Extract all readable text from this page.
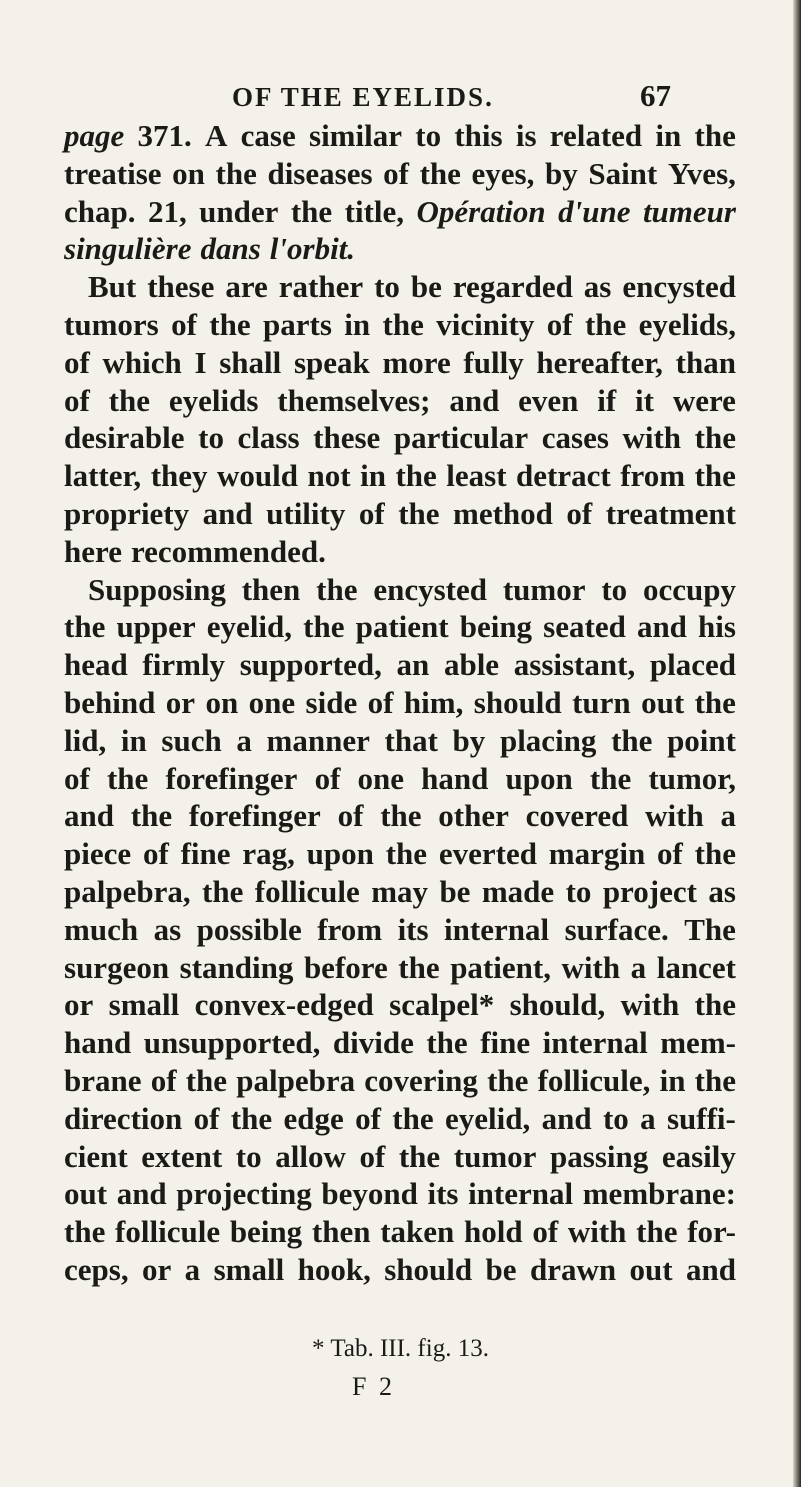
OF THE EYELIDS.	67
page 371. A case similar to this is related in the
treatise on the diseases of the eyes, by Saint Yves,
chap. 21, under the title, Opération d'une tumeur
singulière dans l'orbit.
But these are rather to be regarded as encysted
tumors of the parts in the vicinity of the eyelids,
of which I shall speak more fully hereafter, than
of the eyelids themselves; and even if it were
desirable to class these particular cases with the
latter, they would not in the least detract from the
propriety and utility of the method of treatment
here recommended.
Supposing then the encysted tumor to occupy
the upper eyelid, the patient being seated and his
head firmly supported, an able assistant, placed
behind or on one side of him, should turn out the
lid, in such a manner that by placing the point
of the forefinger of one hand upon the tumor,
and the forefinger of the other covered with a
piece of fine rag, upon the everted margin of the
palpebra, the follicule may be made to project as
much as possible from its internal surface. The
surgeon standing before the patient, with a lancet
or small convex-edged scalpel* should, with the
hand unsupported, divide the fine internal mem-
brane of the palpebra covering the follicule, in the
direction of the edge of the eyelid, and to a suffi-
cient extent to allow of the tumor passing easily
out and projecting beyond its internal membrane:
the follicule being then taken hold of with the for-
ceps, or a small hook, should be drawn out and
* Tab. III. fig. 13.
F 2
